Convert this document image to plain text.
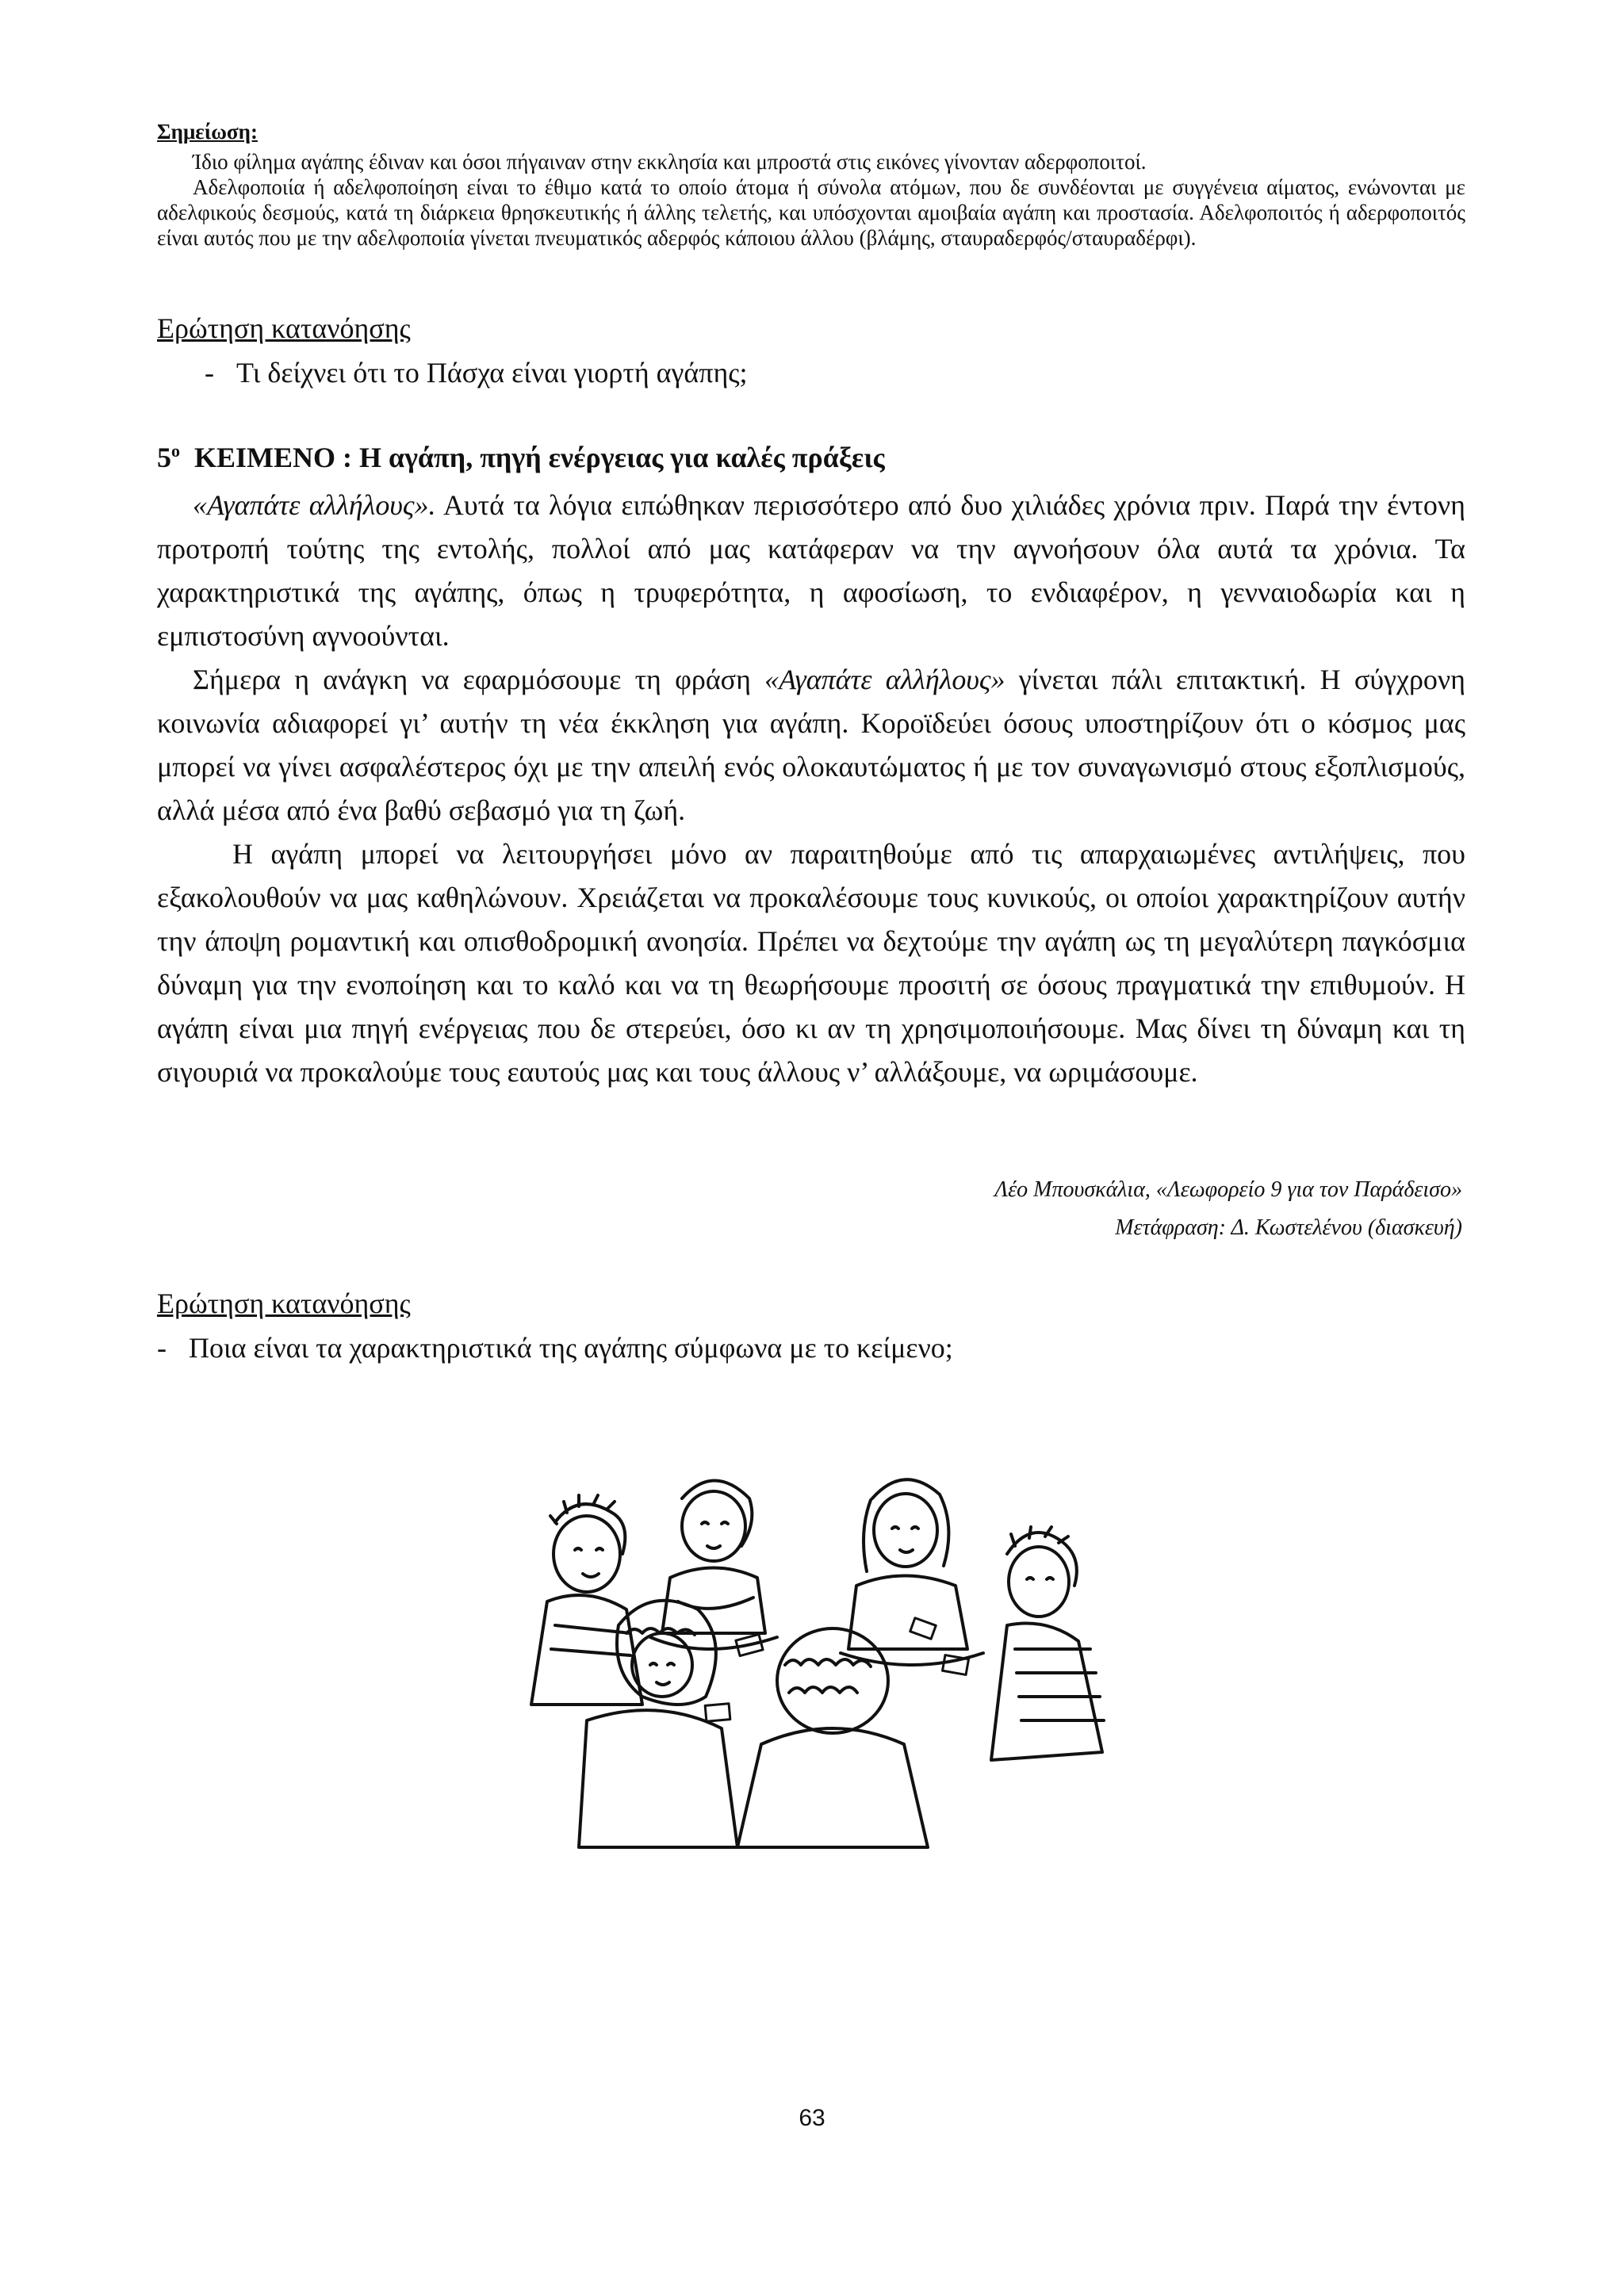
Σημείωση:

Ίδιο φίλημα αγάπης έδιναν και όσοι πήγαιναν στην εκκλησία και μπροστά στις εικόνες γίνονταν αδερφοποιτοί.

Αδελφοποιία ή αδελφοποίηση είναι το έθιμο κατά το οποίο άτομα ή σύνολα ατόμων, που δε συνδέονται με συγγένεια αίματος, ενώνονται με αδελφικούς δεσμούς, κατά τη διάρκεια θρησκευτικής ή άλλης τελετής, και υπόσχονται αμοιβαία αγάπη και προστασία. Αδελφοποιτός ή αδερφοποιτός είναι αυτός που με την αδελφοποιία γίνεται πνευματικός αδερφός κάποιου άλλου (βλάμης, σταυραδερφός/σταυραδέρφι).

Ερώτηση κατανόησης

- Τι δείχνει ότι το Πάσχα είναι γιορτή αγάπης;

$5^o$ ΚΕΙΜΕΝΟ : Η αγάπη, πηγή ενέργειας για καλές πράξεις

«Αγαπάτε αλλήλους». Αυτά τα λόγια ειπώθηκαν περισσότερο από δυο χιλιάδες χρόνια πριν. Παρά την έντονη προτροπή τούτης της εντολής, πολλοί από μας κατάφεραν να την αγνοήσουν όλα αυτά τα χρόνια. Τα χαρακτηριστικά της αγάπης, όπως η τρυφερότητα, η αφοσίωση, το ενδιαφέρον, η γενναιοδωρία και η εμπιστοσύνη αγνοούνται.

Σήμερα η ανάγκη να εφαρμόσουμε τη φράση «Αγαπάτε αλλήλους» γίνεται πάλι επιτακτική. Η σύγχρονη κοινωνία αδιαφορεί γι’ αυτήν τη νέα έκκληση για αγάπη. Κοροϊδεύει όσους υποστηρίζουν ότι ο κόσμος μας μπορεί να γίνει ασφαλέστερος όχι με την απειλή ενός ολοκαυτώματος ή με τον συναγωνισμό στους εξοπλισμούς, αλλά μέσα από ένα βαθύ σεβασμό για τη ζωή.

Η αγάπη μπορεί να λειτουργήσει μόνο αν παραιτηθούμε από τις απαρχαιωμένες αντιλήψεις, που εξακολουθούν να μας καθηλώνουν. Χρειάζεται να προκαλέσουμε τους κυνικούς, οι οποίοι χαρακτηρίζουν αυτήν την άποψη ρομαντική και οπισθοδρομική ανοησία. Πρέπει να δεχτούμε την αγάπη ως τη μεγαλύτερη παγκόσμια δύναμη για την ενοποίηση και το καλό και να τη θεωρήσουμε προσιτή σε όσους πραγματικά την επιθυμούν. Η αγάπη είναι μια πηγή ενέργειας που δε στερεύει, όσο κι αν τη χρησιμοποιήσουμε. Μας δίνει τη δύναμη και τη σιγουριά να προκαλούμε τους εαυτούς μας και τους άλλους ν’ αλλάξουμε, να ωριμάσουμε.

Λέο Μπουσκάλια, «Λεωφορείο 9 για τον Παράδεισο»

Μετάφραση: Δ. Κωστελένου (διασκευή)

Ερώτηση κατανόησης

- Ποια είναι τα χαρακτηριστικά της αγάπης σύμφωνα με το κείμενο;

63
